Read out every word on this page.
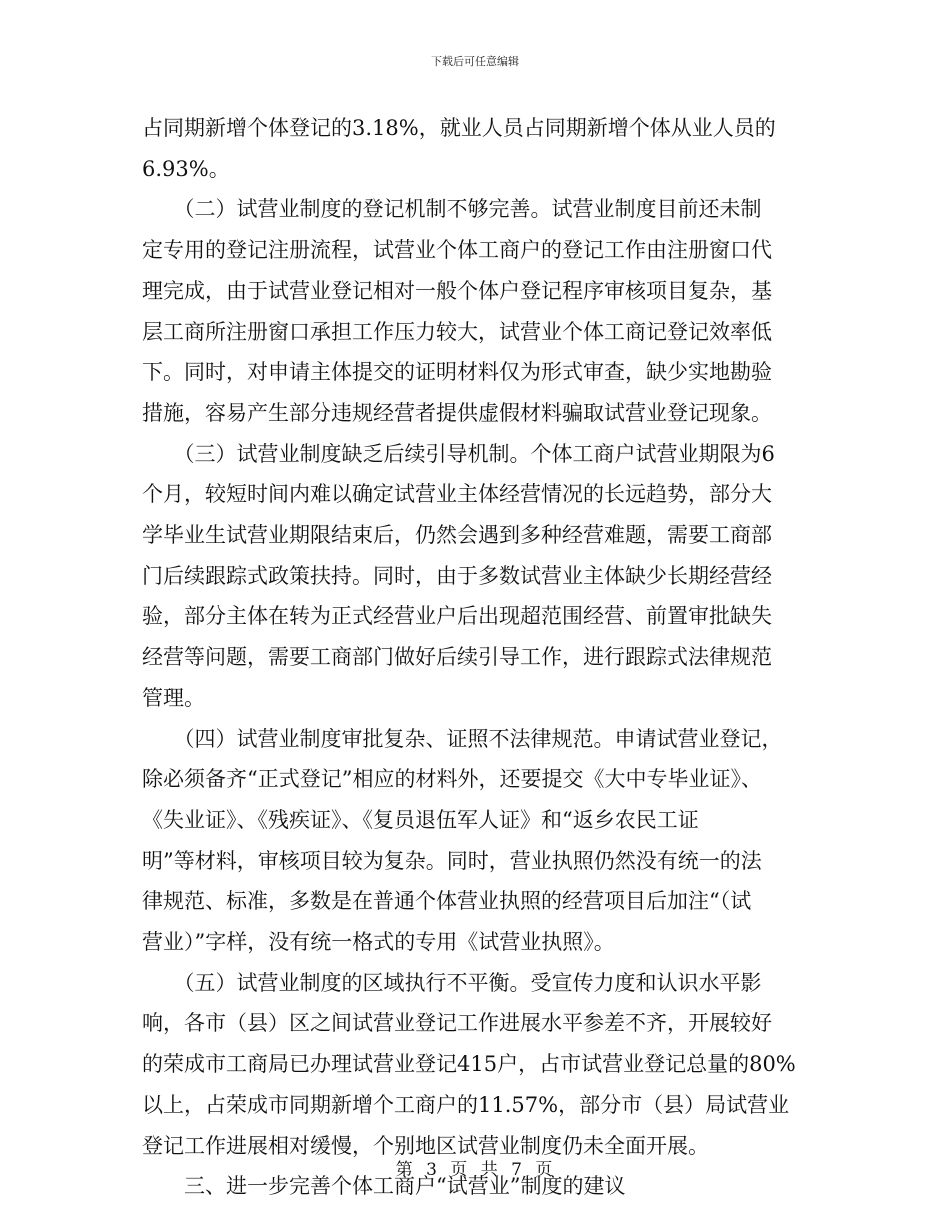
下载后可任意编辑
占同期新增个体登记的3.18%，就业人员占同期新增个体从业人员的
6.93%。
　　（二）试营业制度的登记机制不够完善。试营业制度目前还未制
定专用的登记注册流程，试营业个体工商户的登记工作由注册窗口代
理完成，由于试营业登记相对一般个体户登记程序审核项目复杂，基
层工商所注册窗口承担工作压力较大，试营业个体工商记登记效率低
下。同时，对申请主体提交的证明材料仅为形式审查，缺少实地勘验
措施，容易产生部分违规经营者提供虚假材料骗取试营业登记现象。
　　（三）试营业制度缺乏后续引导机制。个体工商户试营业期限为6
个月，较短时间内难以确定试营业主体经营情况的长远趋势，部分大
学毕业生试营业期限结束后，仍然会遇到多种经营难题，需要工商部
门后续跟踪式政策扶持。同时，由于多数试营业主体缺少长期经营经
验，部分主体在转为正式经营业户后出现超范围经营、前置审批缺失
经营等问题，需要工商部门做好后续引导工作，进行跟踪式法律规范
管理。
　　（四）试营业制度审批复杂、证照不法律规范。申请试营业登记，
除必须备齐“正式登记”相应的材料外，还要提交《大中专毕业证》、
《失业证》、《残疾证》、《复员退伍军人证》和“返乡农民工证
明”等材料，审核项目较为复杂。同时，营业执照仍然没有统一的法
律规范、标准，多数是在普通个体营业执照的经营项目后加注“（试
营业）”字样，没有统一格式的专用《试营业执照》。
　　（五）试营业制度的区域执行不平衡。受宣传力度和认识水平影
响，各市（县）区之间试营业登记工作进展水平参差不齐，开展较好
的荣成市工商局已办理试营业登记415户，占市试营业登记总量的80%
以上，占荣成市同期新增个工商户的11.57%，部分市（县）局试营业
登记工作进展相对缓慢，个别地区试营业制度仍未全面开展。
　　三、进一步完善个体工商户“试营业”制度的建议
第 3 页 共 7 页
